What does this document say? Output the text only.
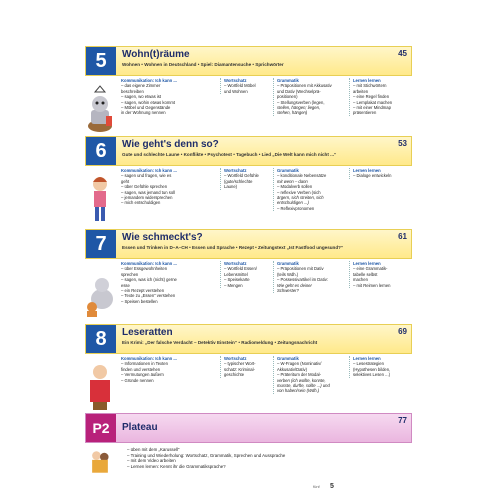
5	Wohn(t)räume
Wohnen • Wohnen in Deutschland • Spiel: Diamantensuche • Sprichwörter
45
Kommunikation: Ich kann ...
– das eigene Zimmer
beschreiben
– sagen, wo etwas ist
– sagen, wohin etwas kommt
– Möbel und Gegenstände
in der Wohnung nennen
Wortschatz
– Wortfeld Möbel
und Wohnen
Grammatik
– Präpositionen mit Akkusativ
und Dativ (Wechselprä-
positionen)
– Stellungsverben (legen,
stellen, hängen; liegen,
stehen, hängen)
Lernen lernen
– mit Stichwörtern
arbeiten
– eine Regel finden
– Lernplakat machen
– mit einer Mindmap
präsentieren
6	Wie geht's denn so?
Gute und schlechte Laune • Konflikte • Psychotest • Tagebuch • Lied „Die Welt kann mich nicht ...“
53
Kommunikation: Ich kann ...
– sagen und fragen, wie es
geht
– über Gefühle sprechen
– sagen, was jemand tun soll
– jemandem widersprechen
– mich entschuldigen
Wortschatz
– Wortfeld Gefühle
(gute/schlechte
Laune)
Grammatik
– konditionale Nebensätze
mit wenn – dann
– Modalverb sollen
– reflexive Verben (sich
ärgern, sich streiten, sich
entschuldigen ...)
– Reflexivpronomen
Lernen lernen
– Dialoge entwickeln
7	Wie schmeckt's?
Essen und Trinken in D–A–CH • Essen und Sprache • Rezept • Zeitungstext „Ist Fastfood ungesund?“
61
Kommunikation: Ich kann ...
– über Essgewohnheiten
sprechen
– sagen, was ich (nicht) gerne
esse
– ein Rezept verstehen
– Texte zu „Essen“ verstehen
– Speisen bestellen
Wortschatz
– Wortfeld Essen/
Lebensmittel
– Speisekarte
– Mengen
Grammatik
– Präpositionen mit Dativ
(teils Wdh.)
– Possessivartikel im Dativ:
Wie geht es deiner
Schwester?
Lernen lernen
– eine Grammatik-
tabelle selbst
machen
– mit Reimen lernen
8	Leseratten
Ein Krimi: „Der falsche Verdacht – Detektiv Einstein“ • Radiomeldung • Zeitungsnachricht
69
Kommunikation: Ich kann ...
– Informationen in Texten
finden und verstehen
– Vermutungen äußern
– Gründe nennen
Wortschatz
– typischer Wort-
schatz: Kriminal-
geschichte
Grammatik
– W-Fragen (Nominativ/
Akkusativ/Dativ)
– Präteritum der Modal-
verben (ich wollte, konnte,
musste, durfte, sollte ...) und
von haben/sein (Wdh.)
Lernen lernen
– Lesestrategien
(Hypothesen bilden,
selektives Lesen ...)
P2	Plateau
77
– üben mit dem „Karussell“
– Training und Wiederholung: Wortschatz, Grammatik, Sprechen und Aussprache
– mit dem Video arbeiten
– Lernen lernen: Kennt ihr die Grammatiksprache?
fünf 5
